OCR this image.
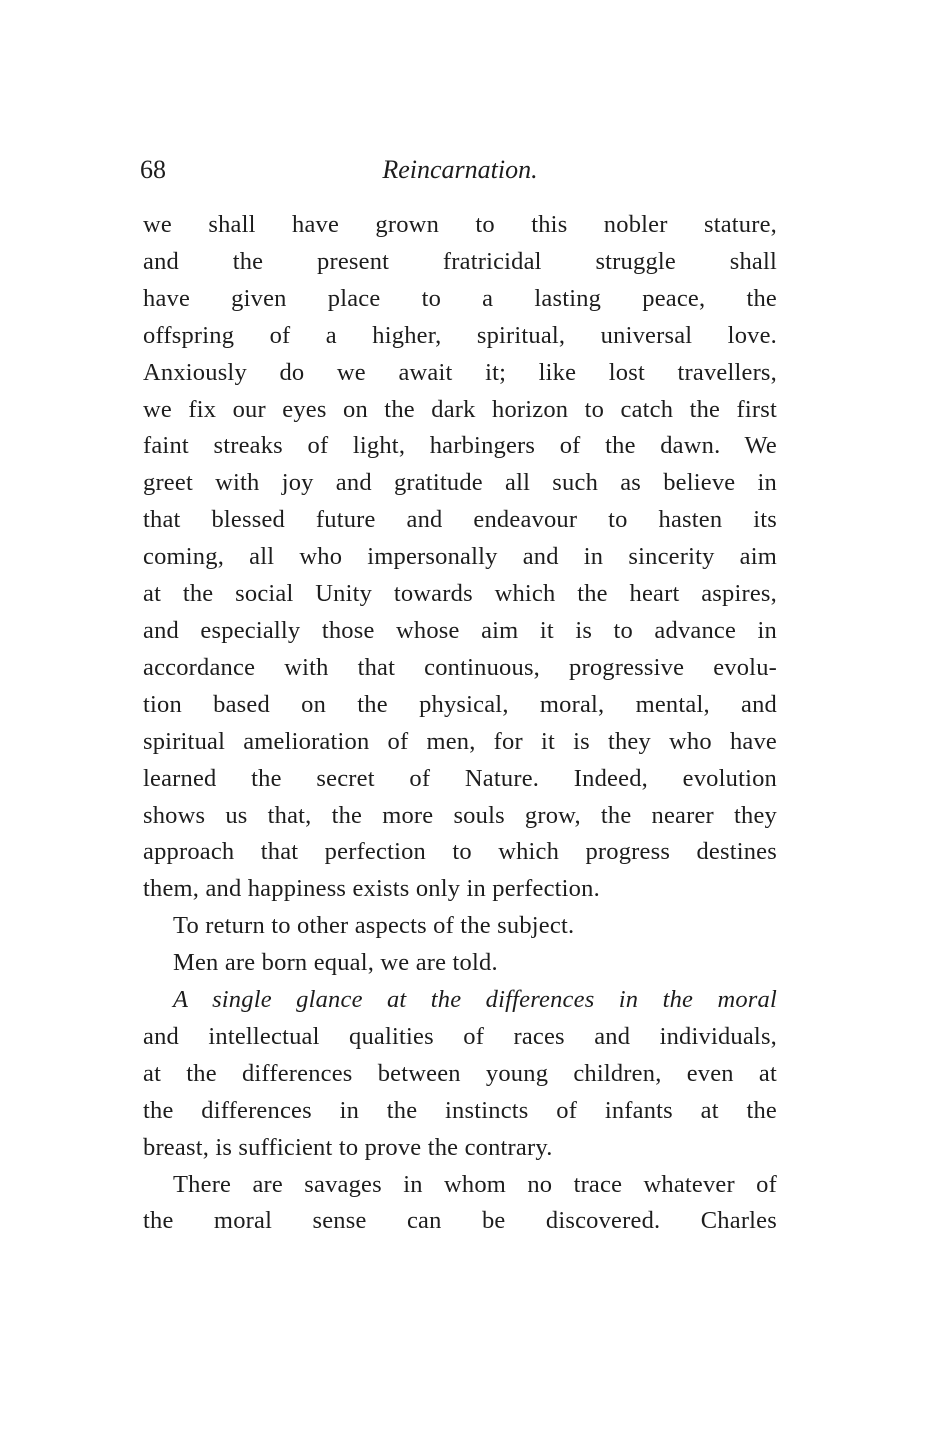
68	Reincarnation.
we shall have grown to this nobler stature,
and the present fratricidal struggle shall
have given place to a lasting peace, the
offspring of a higher, spiritual, universal love.
Anxiously do we await it; like lost travellers,
we fix our eyes on the dark horizon to catch the first
faint streaks of light, harbingers of the dawn. We
greet with joy and gratitude all such as believe in
that blessed future and endeavour to hasten its
coming, all who impersonally and in sincerity aim
at the social Unity towards which the heart aspires,
and especially those whose aim it is to advance in
accordance with that continuous, progressive evolu-
tion based on the physical, moral, mental, and
spiritual amelioration of men, for it is they who have
learned the secret of Nature. Indeed, evolution
shows us that, the more souls grow, the nearer they
approach that perfection to which progress destines
them, and happiness exists only in perfection.
To return to other aspects of the subject.
Men are born equal, we are told.
A single glance at the differences in the moral
and intellectual qualities of races and individuals,
at the differences between young children, even at
the differences in the instincts of infants at the
breast, is sufficient to prove the contrary.
There are savages in whom no trace whatever of
the moral sense can be discovered. Charles
